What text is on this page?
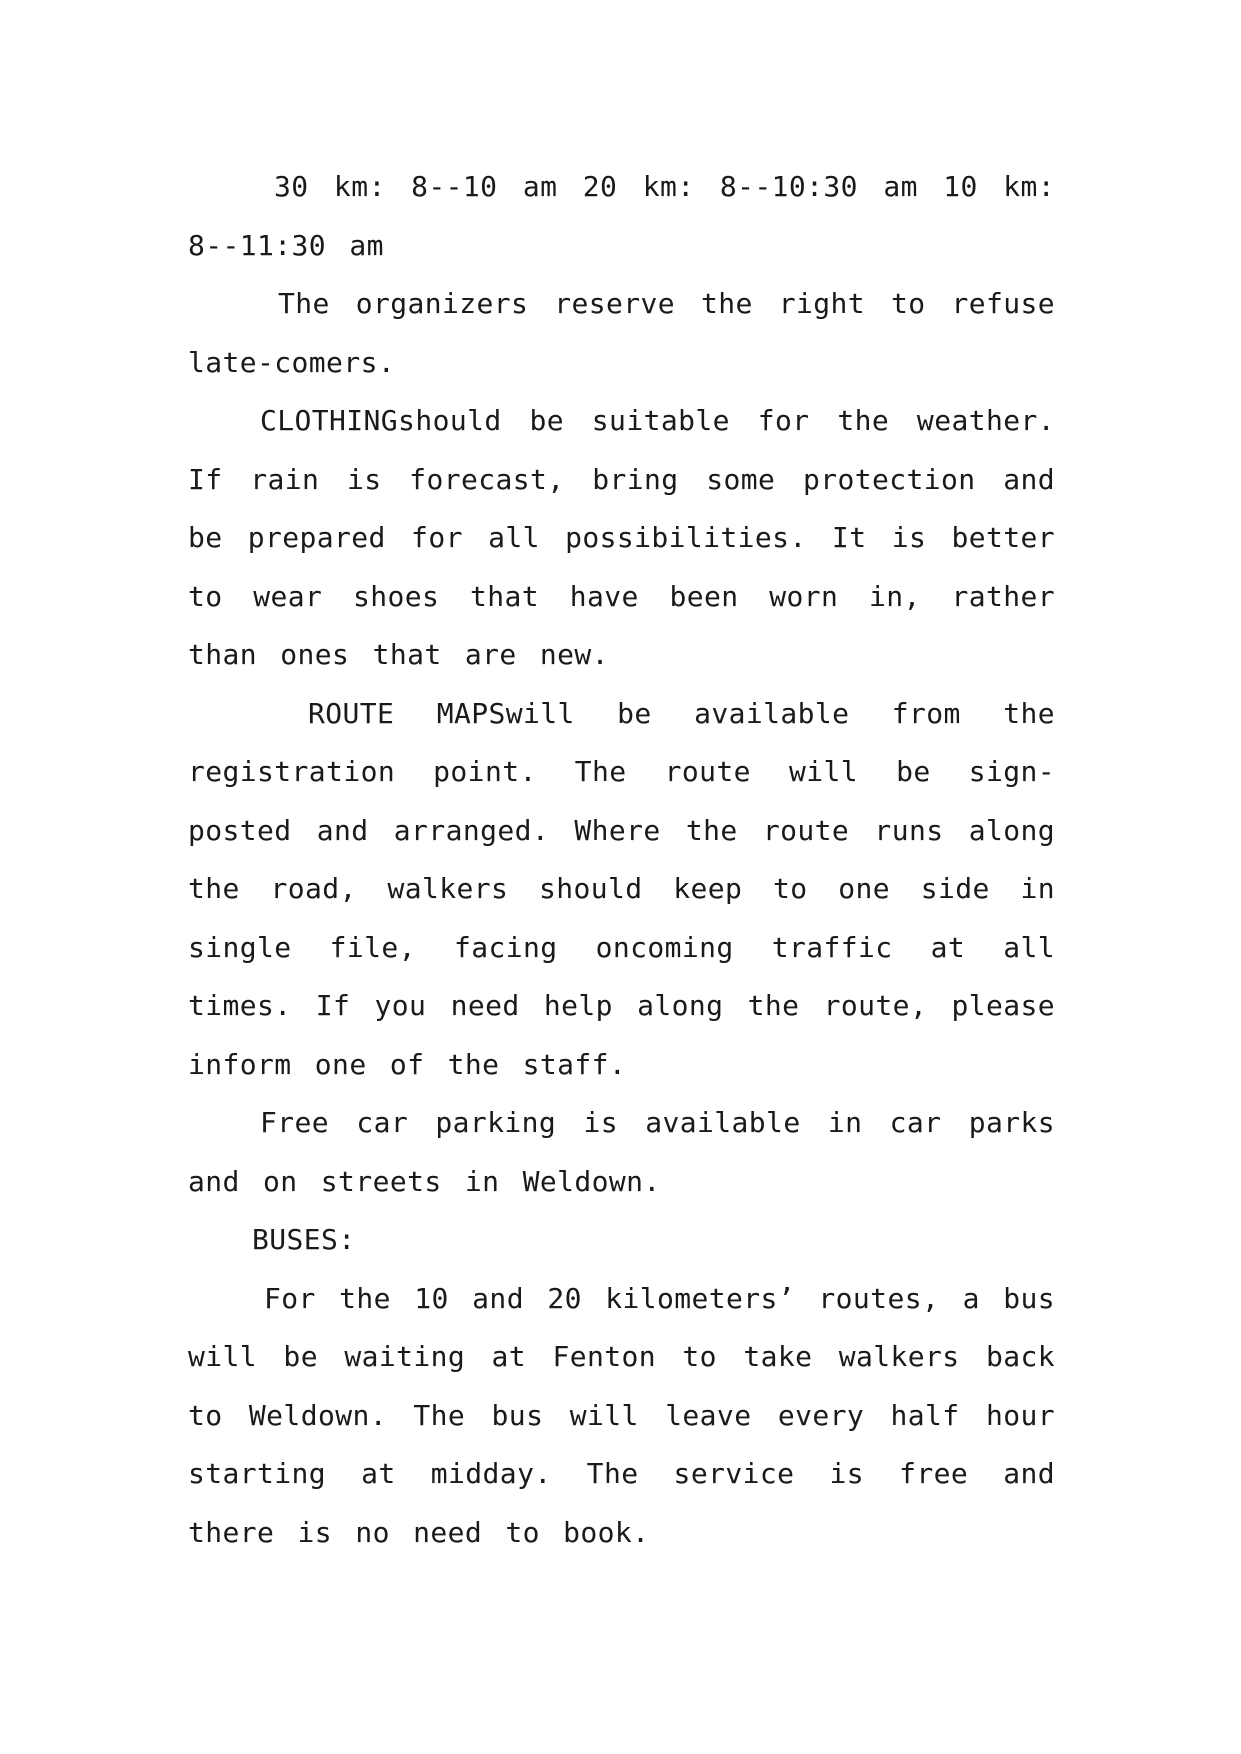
30 km: 8--10 am 20 km: 8--10:30 am 10 km: 8--11:30 am

The organizers reserve the right to refuse late-comers.

CLOTHINGshould be suitable for the weather. If rain is forecast, bring some protection and be prepared for all possibilities. It is better to wear shoes that have been worn in, rather than ones that are new.

ROUTE MAPSwill be available from the registration point. The route will be sign-posted and arranged. Where the route runs along the road, walkers should keep to one side in single file, facing oncoming traffic at all times. If you need help along the route, please inform one of the staff.

Free car parking is available in car parks and on streets in Weldown.

BUSES:

For the 10 and 20 kilometers’ routes, a bus will be waiting at Fenton to take walkers back to Weldown. The bus will leave every half hour starting at midday. The service is free and there is no need to book.
